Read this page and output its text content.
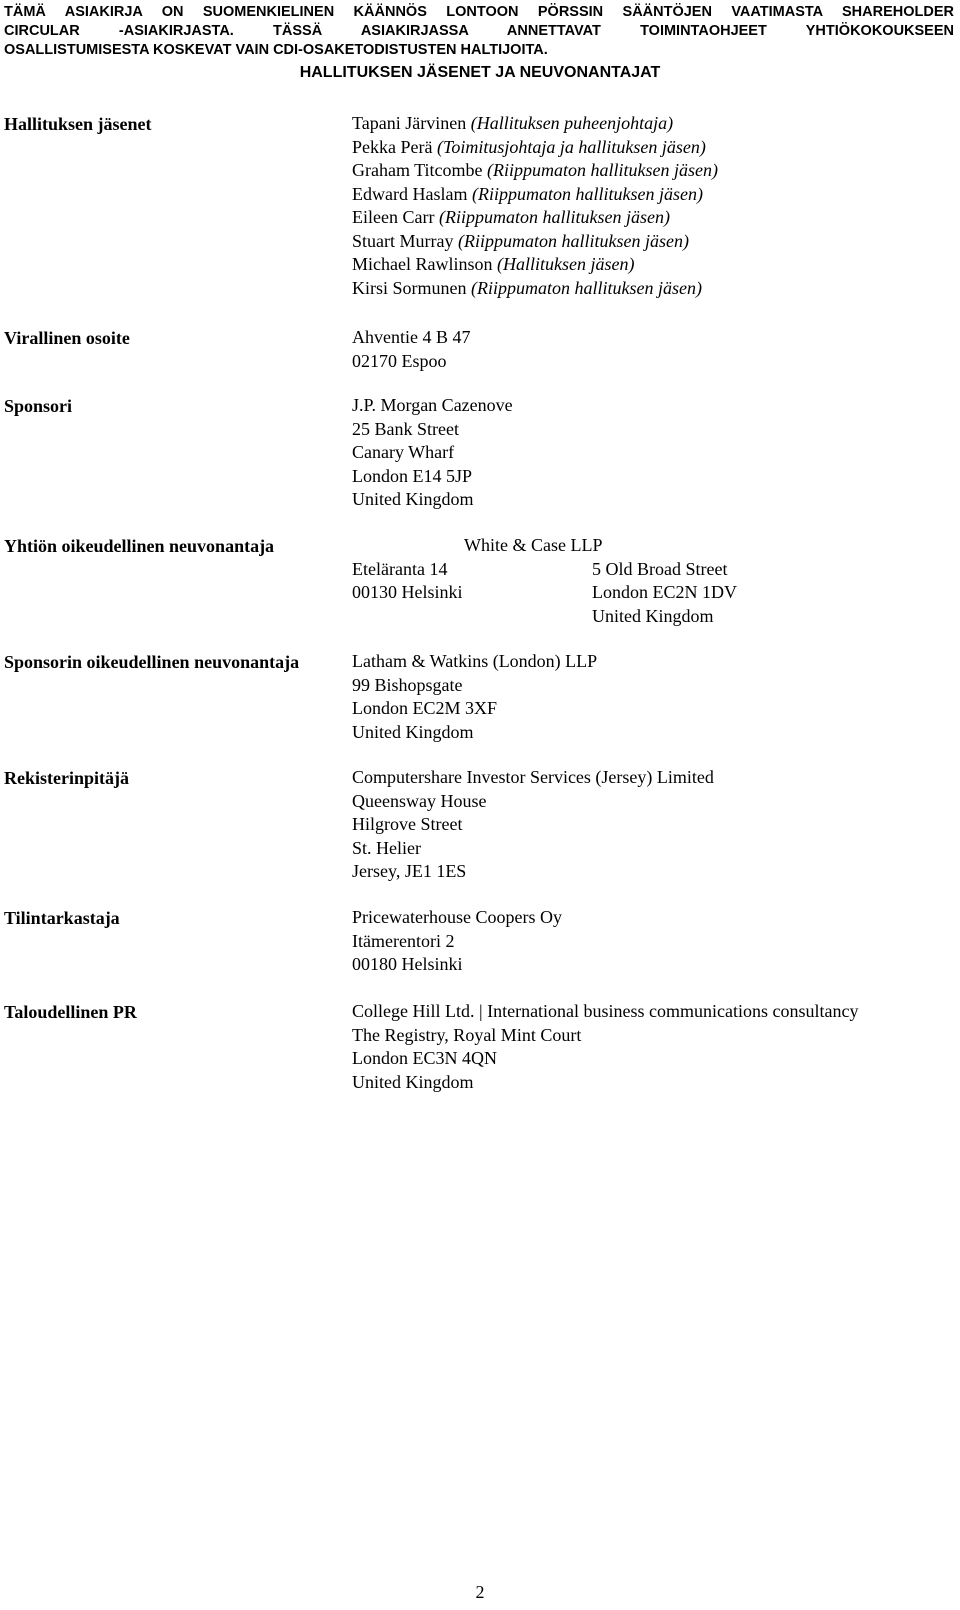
TÄMÄ ASIAKIRJA ON SUOMENKIELINEN KÄÄNNÖS LONTOON PÖRSSIN SÄÄNTÖJEN VAATIMASTA SHAREHOLDER
CIRCULAR -ASIAKIRJASTA. TÄSSÄ ASIAKIRJASSA ANNETTAVAT TOIMINTAOHJEET YHTIÖKOKOUKSEEN
OSALLISTUMISESTA KOSKEVAT VAIN CDI-OSAKETODISTUSTEN HALTIJOITA.
HALLITUKSEN JÄSENET JA NEUVONANTAJAT
Hallituksen jäsenet	Tapani Järvinen (Hallituksen puheenjohtaja)
Pekka Perä (Toimitusjohtaja ja hallituksen jäsen)
Graham Titcombe (Riippumaton hallituksen jäsen)
Edward Haslam (Riippumaton hallituksen jäsen)
Eileen Carr (Riippumaton hallituksen jäsen)
Stuart Murray (Riippumaton hallituksen jäsen)
Michael Rawlinson (Hallituksen jäsen)
Kirsi Sormunen (Riippumaton hallituksen jäsen)
Virallinen osoite	Ahventie 4 B 47
02170 Espoo
Sponsori	J.P. Morgan Cazenove
25 Bank Street
Canary Wharf
London E14 5JP
United Kingdom
Yhtiön oikeudellinen neuvonantaja	White & Case LLP
Eteläranta 14
00130 Helsinki
5 Old Broad Street
London EC2N 1DV
United Kingdom
Sponsorin oikeudellinen neuvonantaja	Latham & Watkins (London) LLP
99 Bishopsgate
London EC2M 3XF
United Kingdom
Rekisterinpitäjä	Computershare Investor Services (Jersey) Limited
Queensway House
Hilgrove Street
St. Helier
Jersey, JE1 1ES
Tilintarkastaja	Pricewaterhouse Coopers Oy
Itämerentori 2
00180 Helsinki
Taloudellinen PR	College Hill Ltd. | International business communications consultancy
The Registry, Royal Mint Court
London EC3N 4QN
United Kingdom
2
